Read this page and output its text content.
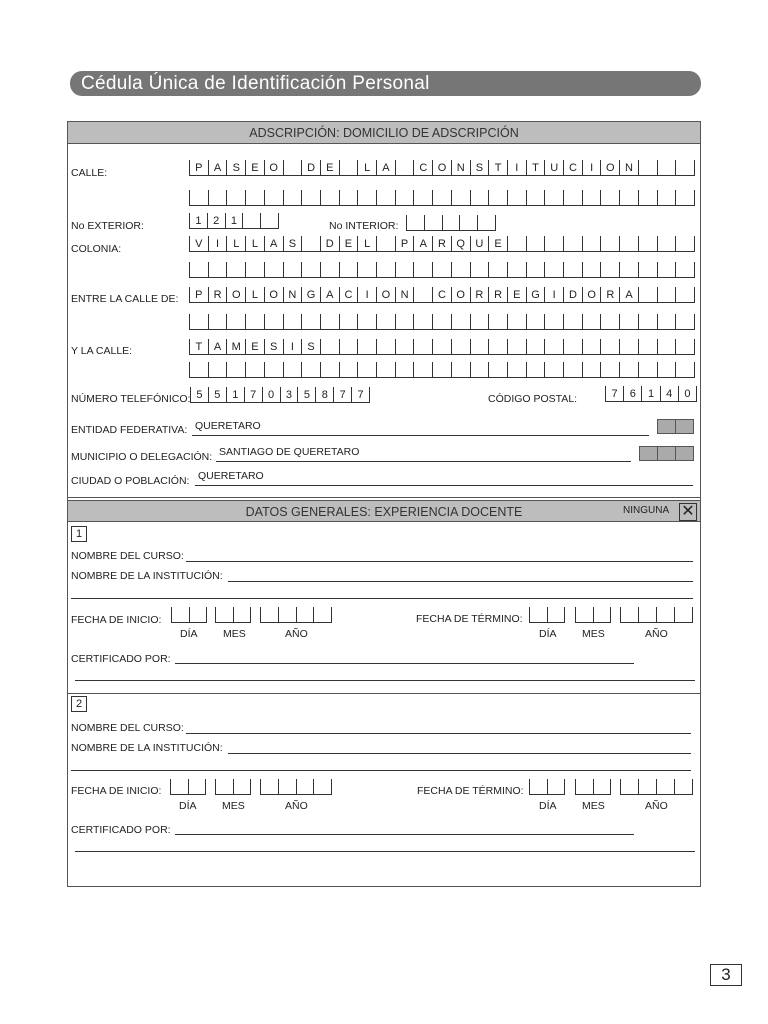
Cédula Única de Identificación Personal
ADSCRIPCIÓN: DOMICILIO DE ADSCRIPCIÓN
CALLE:	P	A	S	E O	D	E	L	A	C O N	S	T	I	T	U C	I	O N
No EXTERIOR:	1	2	1	No INTERIOR:
COLONIA:	V	I	L	L	A	S	D	E	L	P	A	R Q U	E
ENTRE LA CALLE DE:	P	R O	L	O N G A	C	I	O N	C O R R	E G	I	D O R	A
Y LA CALLE:	T	A M E	S	I	S
NÚMERO TELEFÓNICO: 5	5	1	7	0	3	5	8	7	7	CÓDIGO POSTAL:	7	6	1	4	0
ENTIDAD FEDERATIVA: QUERETARO
MUNICIPIO O DELEGACIÓN: SANTIAGO DE QUERETARO
CIUDAD O POBLACIÓN: QUERETARO
DATOS GENERALES: EXPERIENCIA DOCENTE	NINGUNA ✕
1
NOMBRE DEL CURSO:
NOMBRE DE LA INSTITUCIÓN:
FECHA DE INICIO:
DÍA MES	AÑO
FECHA DE TÉRMINO:
DÍA MES	AÑO
CERTIFICADO POR:
2
NOMBRE DEL CURSO:
NOMBRE DE LA INSTITUCIÓN:
FECHA DE INICIO:
DÍA MES	AÑO
FECHA DE TÉRMINO:
DÍA MES	AÑO
CERTIFICADO POR:
3
